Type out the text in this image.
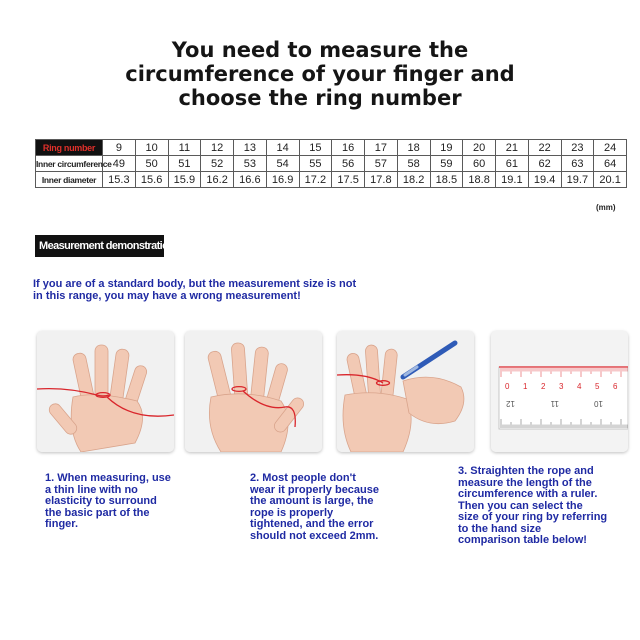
You need to measure the
circumference of your finger and
choose the ring number
Ring number	9	10	11	12	13	14	15	16	17	18	19	20	21	22	23	24
Inner circumference	49	50	51	52	53	54	55	56	57	58	59	60	61	62	63	64
Inner diameter	15.3	15.6	15.9	16.2	16.6	16.9	17.2	17.5	17.8	18.2	18.5	18.8	19.1	19.4	19.7	20.1
(mm)
Measurement demonstration
If you are of a standard body, but the measurement size is not
in this range, you may have a wrong measurement!
0 1 2 3 4 5 6
12	11	10
1. When measuring, use
a thin line with no
elasticity to surround
the basic part of the
finger.
2. Most people don't
wear it properly because
the amount is large, the
rope is properly
tightened, and the error
should not exceed 2mm.
3. Straighten the rope and
measure the length of the
circumference with a ruler.
Then you can select the
size of your ring by referring
to the hand size
comparison table below!
